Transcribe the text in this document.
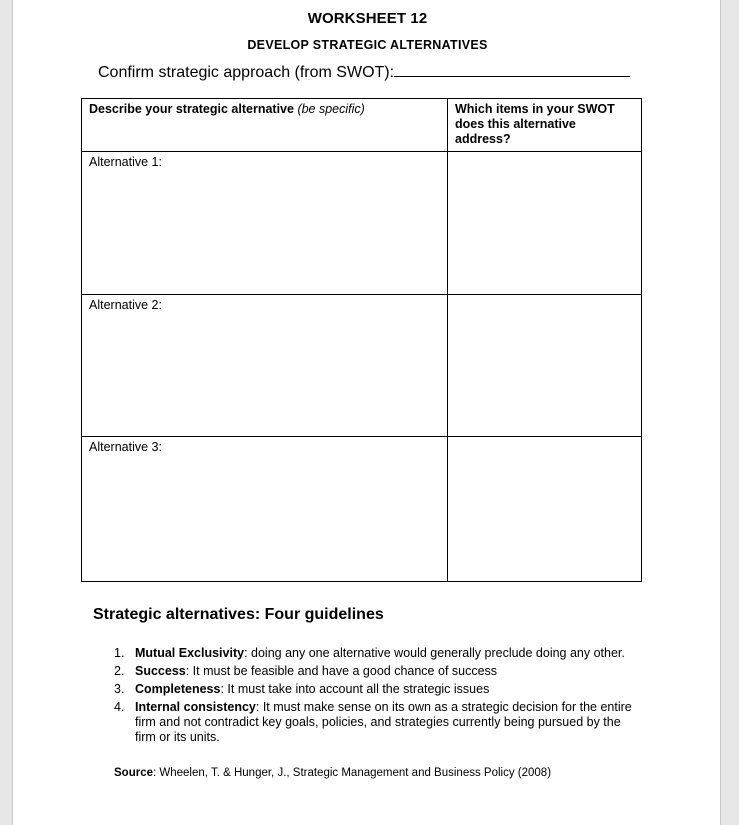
WORKSHEET 12
DEVELOP STRATEGIC ALTERNATIVES
Confirm strategic approach (from SWOT):
Describe your strategic alternative (be specific)	Which items in your SWOT does this alternative address?
Alternative 1:	
Alternative 2:	
Alternative 3:	
Strategic alternatives: Four guidelines
1. Mutual Exclusivity: doing any one alternative would generally preclude doing any other.
2. Success: It must be feasible and have a good chance of success
3. Completeness: It must take into account all the strategic issues
4. Internal consistency: It must make sense on its own as a strategic decision for the entire firm and not contradict key goals, policies, and strategies currently being pursued by the firm or its units.
Source: Wheelen, T. & Hunger, J., Strategic Management and Business Policy (2008)
